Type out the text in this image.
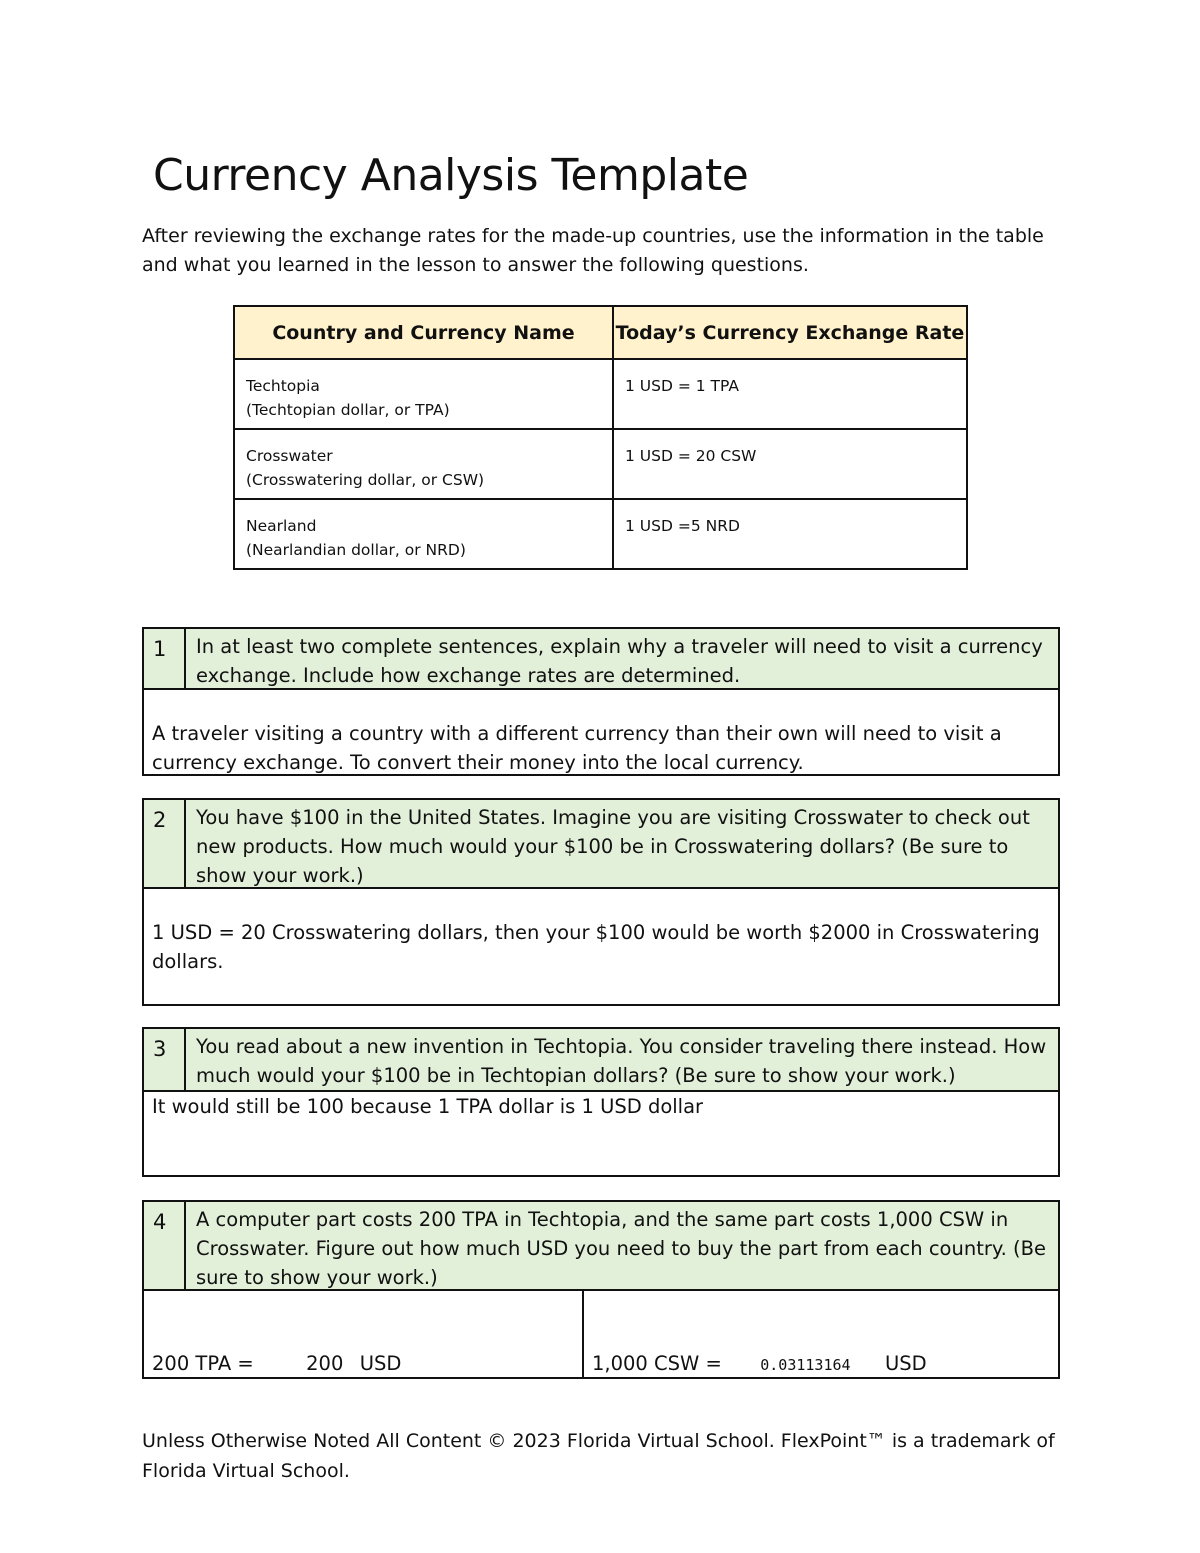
Currency Analysis Template
After reviewing the exchange rates for the made-up countries, use the information in the table and what you learned in the lesson to answer the following questions.
Country and Currency Name	Today’s Currency Exchange Rate

Techtopia
(Techtopian dollar, or TPA)	1 USD = 1 TPA

Crosswater
(Crosswatering dollar, or CSW)	1 USD = 20 CSW

Nearland
(Nearlandian dollar, or NRD)	1 USD =5 NRD
1	In at least two complete sentences, explain why a traveler will need to visit a currency exchange. Include how exchange rates are determined.
A traveler visiting a country with a different currency than their own will need to visit a currency exchange. To convert their money into the local currency.
2	You have $100 in the United States. Imagine you are visiting Crosswater to check out new products. How much would your $100 be in Crosswatering dollars? (Be sure to show your work.)
1 USD = 20 Crosswatering dollars, then your $100 would be worth $2000 in Crosswatering dollars.
3	You read about a new invention in Techtopia. You consider traveling there instead. How much would your $100 be in Techtopian dollars? (Be sure to show your work.)
It would still be 100 because 1 TPA dollar is 1 USD dollar
4	A computer part costs 200 TPA in Techtopia, and the same part costs 1,000 CSW in Crosswater. Figure out how much USD you need to buy the part from each country. (Be sure to show your work.)
200 TPA =	200 USD	1,000 CSW =	0.03113164 USD
Unless Otherwise Noted All Content © 2023 Florida Virtual School. FlexPoint™ is a trademark of Florida Virtual School.
